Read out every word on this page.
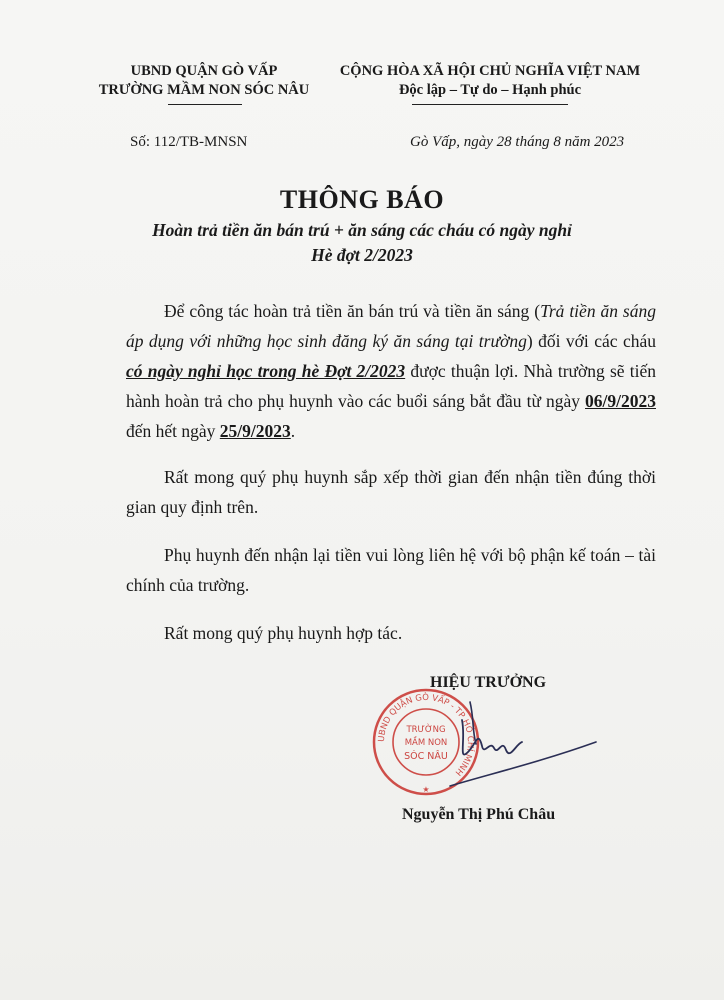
UBND QUẬN GÒ VẤP
TRƯỜNG MẦM NON SÓC NÂU
CỘNG HÒA XÃ HỘI CHỦ NGHĨA VIỆT NAM
Độc lập – Tự do – Hạnh phúc
Số: 112/TB-MNSN	Gò Vấp, ngày 28 tháng 8 năm 2023
THÔNG BÁO
Hoàn trả tiền ăn bán trú + ăn sáng các cháu có ngày nghỉ
Hè đợt 2/2023

Để công tác hoàn trả tiền ăn bán trú và tiền ăn sáng (Trả tiền ăn sáng áp dụng với những học sinh đăng ký ăn sáng tại trường) đối với các cháu có ngày nghỉ học trong hè Đợt 2/2023 được thuận lợi. Nhà trường sẽ tiến hành hoàn trả cho phụ huynh vào các buổi sáng bắt đầu từ ngày 06/9/2023 đến hết ngày 25/9/2023.

Rất mong quý phụ huynh sắp xếp thời gian đến nhận tiền đúng thời gian quy định trên.

Phụ huynh đến nhận lại tiền vui lòng liên hệ với bộ phận kế toán – tài chính của trường.

Rất mong quý phụ huynh hợp tác.

HIỆU TRƯỞNG
UBND QUẬN GÒ VẤP - TP HỒ CHÍ MINH
TRƯỜNG
MẦM NON
SÓC NÂU
★
Nguyễn Thị Phú Châu
